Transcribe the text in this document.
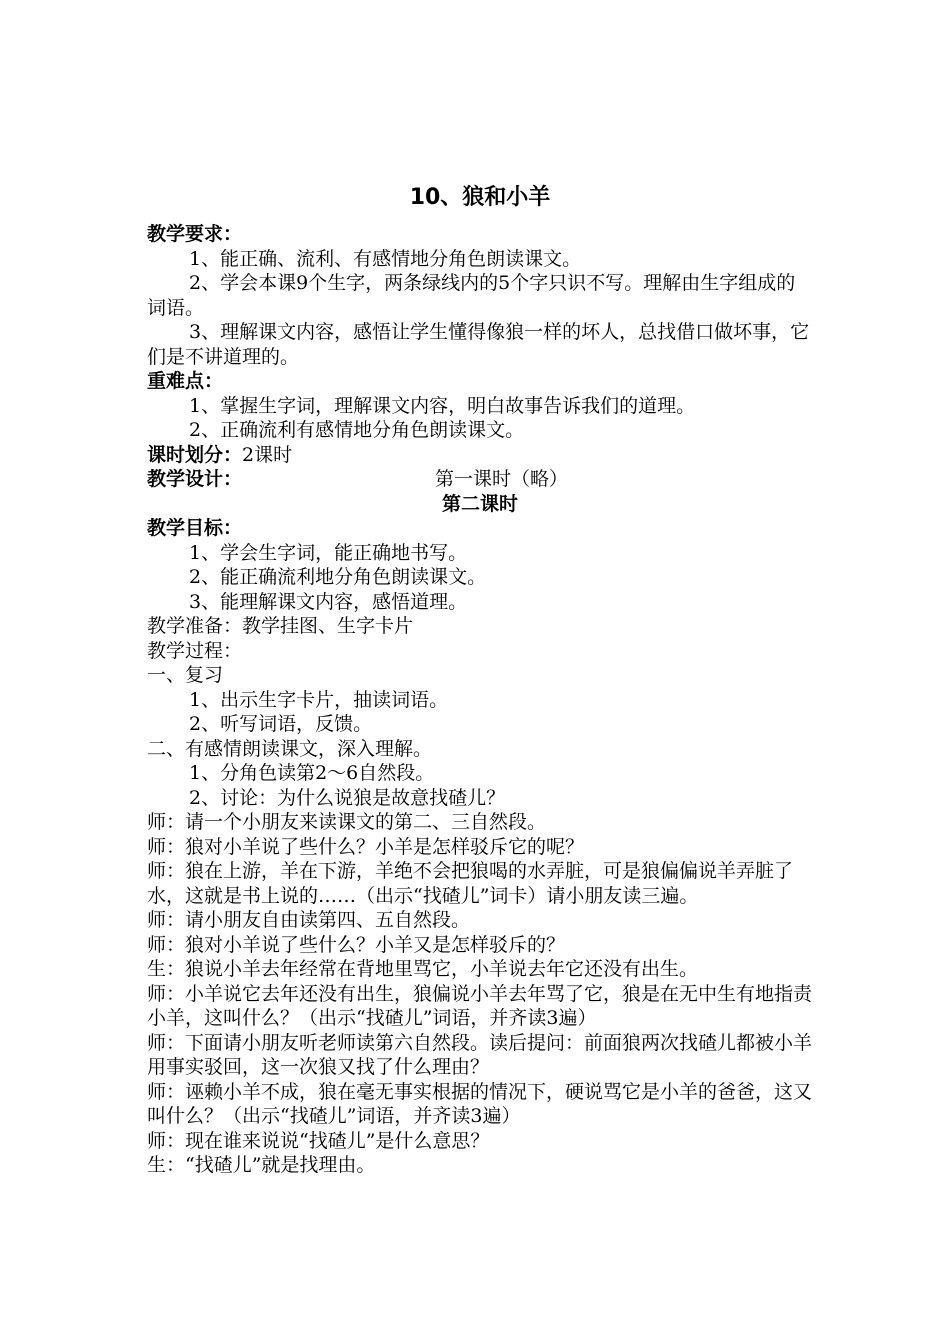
10、狼和小羊
教学要求：
1、能正确、流利、有感情地分角色朗读课文。
2、学会本课9个生字，两条绿线内的5个字只识不写。理解由生字组成的词语。
3、理解课文内容，感悟让学生懂得像狼一样的坏人，总找借口做坏事，它们是不讲道理的。
重难点：
1、掌握生字词，理解课文内容，明白故事告诉我们的道理。
2、正确流利有感情地分角色朗读课文。
课时划分：2课时
教学设计：	第一课时（略）
第二课时
教学目标：
1、学会生字词，能正确地书写。
2、能正确流利地分角色朗读课文。
3、能理解课文内容，感悟道理。
教学准备：教学挂图、生字卡片
教学过程：
一、复习
1、出示生字卡片，抽读词语。
2、听写词语，反馈。
二、有感情朗读课文，深入理解。
1、分角色读第2～6自然段。
2、讨论：为什么说狼是故意找碴儿？
师：请一个小朋友来读课文的第二、三自然段。
师：狼对小羊说了些什么？小羊是怎样驳斥它的呢？
师：狼在上游，羊在下游，羊绝不会把狼喝的水弄脏，可是狼偏偏说羊弄脏了水，这就是书上说的……（出示“找碴儿”词卡）请小朋友读三遍。
师：请小朋友自由读第四、五自然段。
师：狼对小羊说了些什么？小羊又是怎样驳斥的？
生：狼说小羊去年经常在背地里骂它，小羊说去年它还没有出生。
师：小羊说它去年还没有出生，狼偏说小羊去年骂了它，狼是在无中生有地指责小羊，这叫什么？（出示“找碴儿”词语，并齐读3遍）
师：下面请小朋友听老师读第六自然段。读后提问：前面狼两次找碴儿都被小羊用事实驳回，这一次狼又找了什么理由？
师：诬赖小羊不成，狼在毫无事实根据的情况下，硬说骂它是小羊的爸爸，这又叫什么？（出示“找碴儿”词语，并齐读3遍）
师：现在谁来说说“找碴儿”是什么意思？
生：“找碴儿”就是找理由。
